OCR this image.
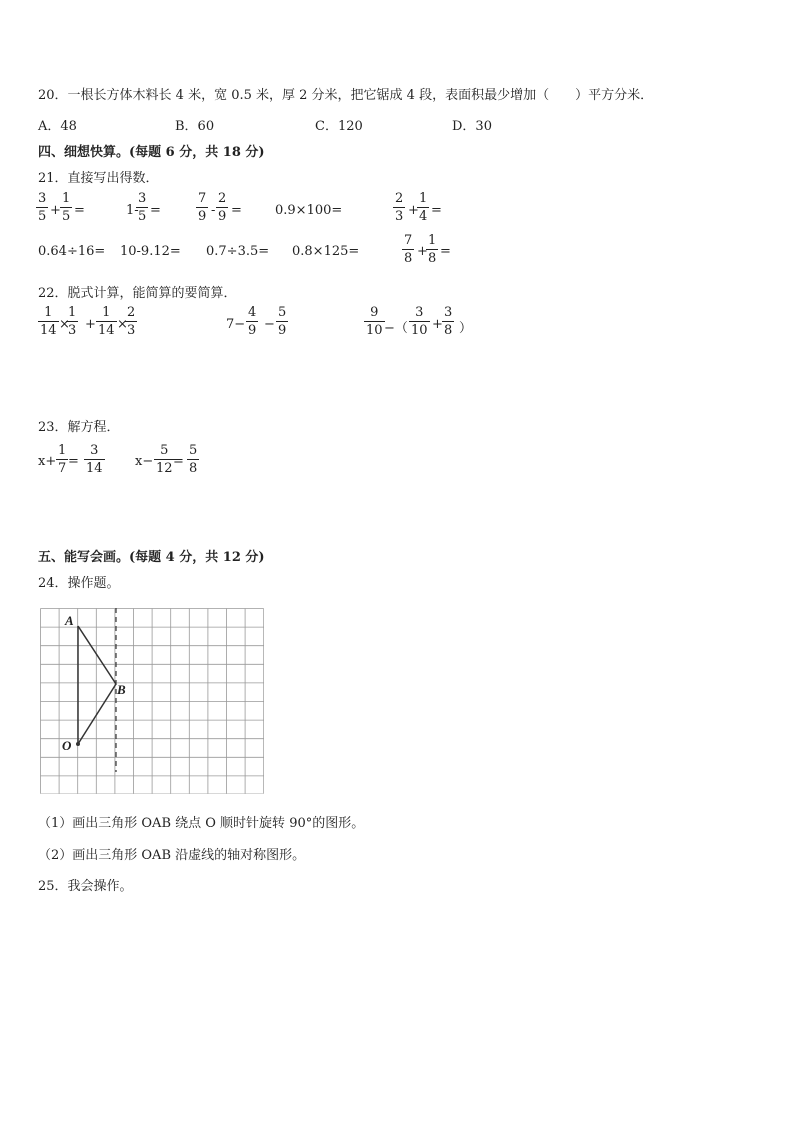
20．一根长方体木料长 4 米，宽 0.5 米，厚 2 分米，把它锯成 4 段，表面积最少增加（　　）平方分米．
A．48	B．60	C．120	D．30
四、细想快算。(每题 6 分，共 18 分)
21．直接写出得数．
3
5 +
1
5 =	1-
3
5 =
7
9 -
2
9 =	0.9×100=
2
3 +
1
4 =
0.64÷16= 10-9.12= 0.7÷3.5= 0.8×125=
7
8 +
1
8 =
22．脱式计算，能简算的要简算．
1
14 ×
1
3 +
1
14 ×
2
3	7−
4
9 −
5
9
9
10 −（
3
10 +
3
8 ）
23．解方程．
x+
1
7 =
3
14 x−
5
12 =
5
8
五、能写会画。(每题 4 分，共 12 分)
24．操作题。
A
B
O
（1）画出三角形 OAB 绕点 O 顺时针旋转 90°的图形。
（2）画出三角形 OAB 沿虚线的轴对称图形。
25．我会操作。
